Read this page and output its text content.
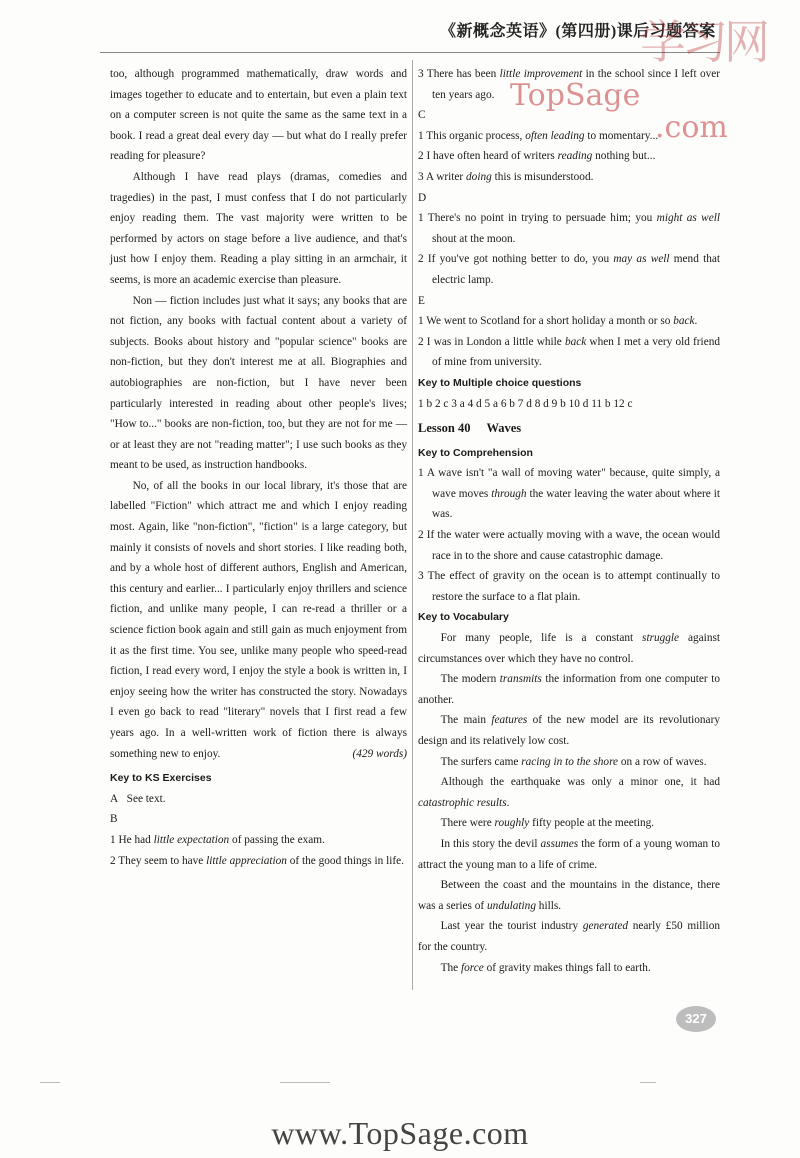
《新概念英语》(第四册)课后习题答案
学习网
TopSage
.com

too, although programmed mathematically, draw words and images together to educate and to entertain, but even a plain text on a computer screen is not quite the same as the same text in a book. I read a great deal every day — but what do I really prefer reading for pleasure?

Although I have read plays (dramas, comedies and tragedies) in the past, I must confess that I do not particularly enjoy reading them. The vast majority were written to be performed by actors on stage before a live audience, and that's just how I enjoy them. Reading a play sitting in an armchair, it seems, is more an academic exercise than pleasure.

Non — fiction includes just what it says; any books that are not fiction, any books with factual content about a variety of subjects. Books about history and "popular science" books are non-fiction, but they don't interest me at all. Biographies and autobiographies are non-fiction, but I have never been particularly interested in reading about other people's lives; "How to..." books are non-fiction, too, but they are not for me — or at least they are not "reading matter"; I use such books as they meant to be used, as instruction handbooks.

No, of all the books in our local library, it's those that are labelled "Fiction" which attract me and which I enjoy reading most. Again, like "non-fiction", "fiction" is a large category, but mainly it consists of novels and short stories. I like reading both, and by a whole host of different authors, English and American, this century and earlier... I particularly enjoy thrillers and science fiction, and unlike many people, I can re-read a thriller or a science fiction book again and still gain as much enjoyment from it as the first time. You see, unlike many people who speed-read fiction, I read every word, I enjoy the style a book is written in, I enjoy seeing how the writer has constructed the story. Nowadays I even go back to read "literary" novels that I first read a few years ago. In a well-written work of fiction there is always something new to enjoy.	(429 words)

Key to KS Exercises

A See text.

B

1 He had little expectation of passing the exam.

2 They seem to have little appreciation of the good things in life.

3 There has been little improvement in the school since I left over ten years ago.

C

1 This organic process, often leading to momentary...

2 I have often heard of writers reading nothing but...

3 A writer doing this is misunderstood.

D

1 There's no point in trying to persuade him; you might as well shout at the moon.

2 If you've got nothing better to do, you may as well mend that electric lamp.

E

1 We went to Scotland for a short holiday a month or so back.

2 I was in London a little while back when I met a very old friend of mine from university.

Key to Multiple choice questions

1 b 2 c 3 a 4 d 5 a 6 b 7 d 8 d 9 b 10 d 11 b 12 c

Lesson 40 Waves

Key to Comprehension

1 A wave isn't "a wall of moving water" because, quite simply, a wave moves through the water leaving the water about where it was.

2 If the water were actually moving with a wave, the ocean would race in to the shore and cause catastrophic damage.

3 The effect of gravity on the ocean is to attempt continually to restore the surface to a flat plain.

Key to Vocabulary

For many people, life is a constant struggle against circumstances over which they have no control.

The modern transmits the information from one computer to another.

The main features of the new model are its revolutionary design and its relatively low cost.

The surfers came racing in to the shore on a row of waves.

Although the earthquake was only a minor one, it had catastrophic results.

There were roughly fifty people at the meeting.

In this story the devil assumes the form of a young woman to attract the young man to a life of crime.

Between the coast and the mountains in the distance, there was a series of undulating hills.

Last year the tourist industry generated nearly £50 million for the country.

The force of gravity makes things fall to earth.

327
www.TopSage.com
